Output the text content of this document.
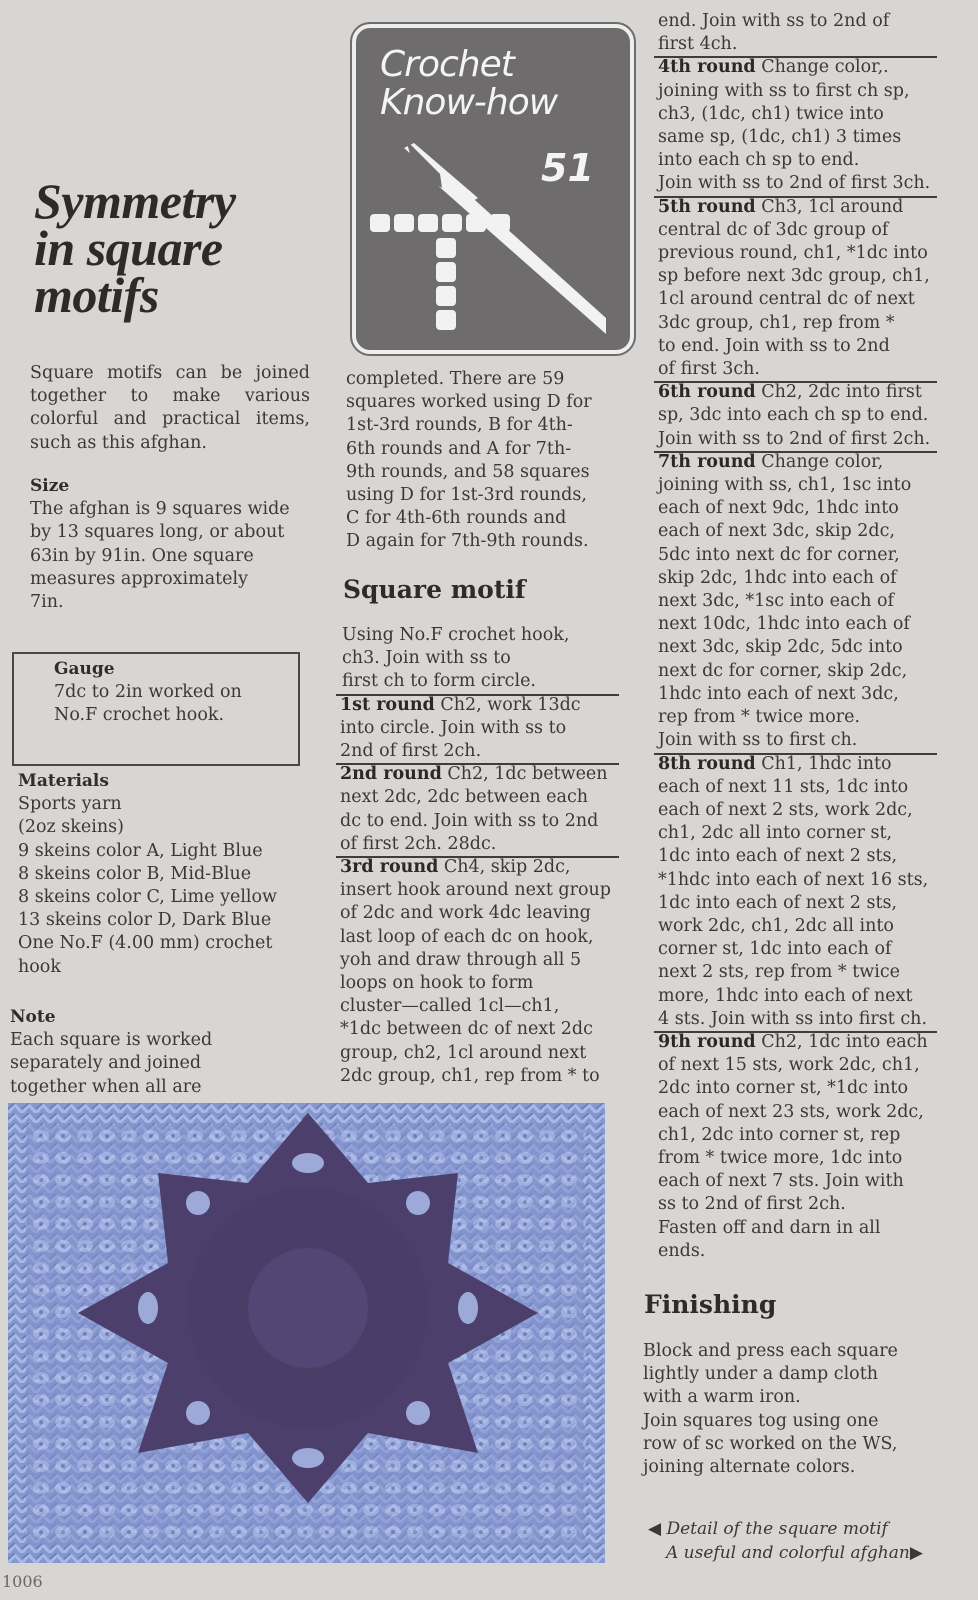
Symmetry
in square
motifs
Crochet
Know-how
51
Square motifs can be joined together to make various colorful and practical items, such as this afghan.
Size
The afghan is 9 squares wide
by 13 squares long, or about
63in by 91in. One square
measures approximately
7in.
Gauge
7dc to 2in worked on
No.F crochet hook.
Materials
Sports yarn
(2oz skeins)
9 skeins color A, Light Blue
8 skeins color B, Mid-Blue
8 skeins color C, Lime yellow
13 skeins color D, Dark Blue
One No.F (4.00 mm) crochet
hook
Note
Each square is worked
separately and joined
together when all are
completed. There are 59
squares worked using D for
1st-3rd rounds, B for 4th-
6th rounds and A for 7th-
9th rounds, and 58 squares
using D for 1st-3rd rounds,
C for 4th-6th rounds and
D again for 7th-9th rounds.
Square motif
Using No.F crochet hook,
ch3. Join with ss to
first ch to form circle.
1st round Ch2, work 13dc
into circle. Join with ss to
2nd of first 2ch.
2nd round Ch2, 1dc between
next 2dc, 2dc between each
dc to end. Join with ss to 2nd
of first 2ch. 28dc.
3rd round Ch4, skip 2dc,
insert hook around next group
of 2dc and work 4dc leaving
last loop of each dc on hook,
yoh and draw through all 5
loops on hook to form
cluster—called 1cl—ch1,
*1dc between dc of next 2dc
group, ch2, 1cl around next
2dc group, ch1, rep from * to
end. Join with ss to 2nd of
first 4ch.
4th round Change color,.
joining with ss to first ch sp,
ch3, (1dc, ch1) twice into
same sp, (1dc, ch1) 3 times
into each ch sp to end.
Join with ss to 2nd of first 3ch.
5th round Ch3, 1cl around
central dc of 3dc group of
previous round, ch1, *1dc into
sp before next 3dc group, ch1,
1cl around central dc of next
3dc group, ch1, rep from *
to end. Join with ss to 2nd
of first 3ch.
6th round Ch2, 2dc into first
sp, 3dc into each ch sp to end.
Join with ss to 2nd of first 2ch.
7th round Change color,
joining with ss, ch1, 1sc into
each of next 9dc, 1hdc into
each of next 3dc, skip 2dc,
5dc into next dc for corner,
skip 2dc, 1hdc into each of
next 3dc, *1sc into each of
next 10dc, 1hdc into each of
next 3dc, skip 2dc, 5dc into
next dc for corner, skip 2dc,
1hdc into each of next 3dc,
rep from * twice more.
Join with ss to first ch.
8th round Ch1, 1hdc into
each of next 11 sts, 1dc into
each of next 2 sts, work 2dc,
ch1, 2dc all into corner st,
1dc into each of next 2 sts,
*1hdc into each of next 16 sts,
1dc into each of next 2 sts,
work 2dc, ch1, 2dc all into
corner st, 1dc into each of
next 2 sts, rep from * twice
more, 1hdc into each of next
4 sts. Join with ss into first ch.
9th round Ch2, 1dc into each
of next 15 sts, work 2dc, ch1,
2dc into corner st, *1dc into
each of next 23 sts, work 2dc,
ch1, 2dc into corner st, rep
from * twice more, 1dc into
each of next 7 sts. Join with
ss to 2nd of first 2ch.
Fasten off and darn in all ends.
Finishing
Block and press each square
lightly under a damp cloth
with a warm iron.
Join squares tog using one
row of sc worked on the WS,
joining alternate colors.
◀ Detail of the square motif
A useful and colorful afghan▶
1006
